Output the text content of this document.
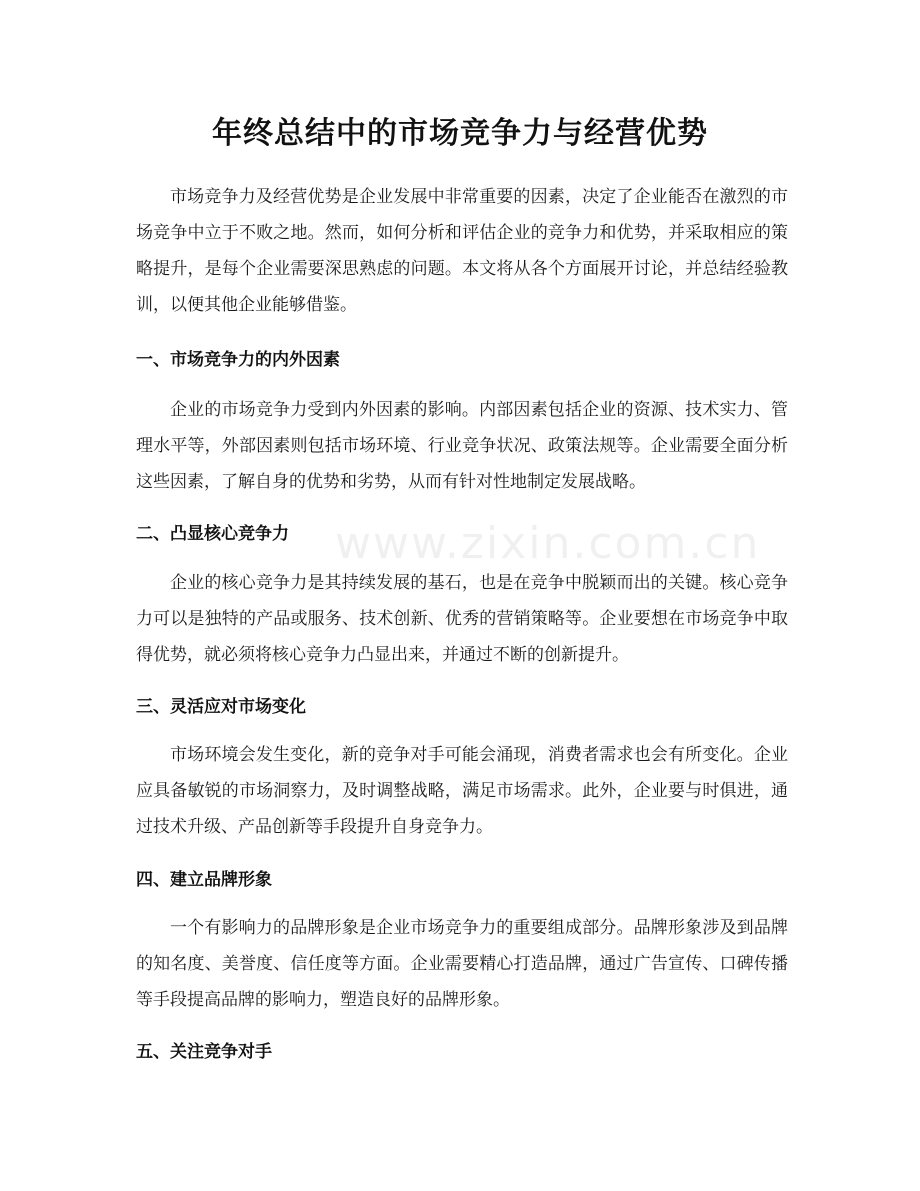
www.zixin.com.cn
年终总结中的市场竞争力与经营优势

市场竞争力及经营优势是企业发展中非常重要的因素，决定了企业能否在激烈的市场竞争中立于不败之地。然而，如何分析和评估企业的竞争力和优势，并采取相应的策略提升，是每个企业需要深思熟虑的问题。本文将从各个方面展开讨论，并总结经验教训，以便其他企业能够借鉴。

一、市场竞争力的内外因素

企业的市场竞争力受到内外因素的影响。内部因素包括企业的资源、技术实力、管理水平等，外部因素则包括市场环境、行业竞争状况、政策法规等。企业需要全面分析这些因素，了解自身的优势和劣势，从而有针对性地制定发展战略。

二、凸显核心竞争力

企业的核心竞争力是其持续发展的基石，也是在竞争中脱颖而出的关键。核心竞争力可以是独特的产品或服务、技术创新、优秀的营销策略等。企业要想在市场竞争中取得优势，就必须将核心竞争力凸显出来，并通过不断的创新提升。

三、灵活应对市场变化

市场环境会发生变化，新的竞争对手可能会涌现，消费者需求也会有所变化。企业应具备敏锐的市场洞察力，及时调整战略，满足市场需求。此外，企业要与时俱进，通过技术升级、产品创新等手段提升自身竞争力。

四、建立品牌形象

一个有影响力的品牌形象是企业市场竞争力的重要组成部分。品牌形象涉及到品牌的知名度、美誉度、信任度等方面。企业需要精心打造品牌，通过广告宣传、口碑传播等手段提高品牌的影响力，塑造良好的品牌形象。

五、关注竞争对手
